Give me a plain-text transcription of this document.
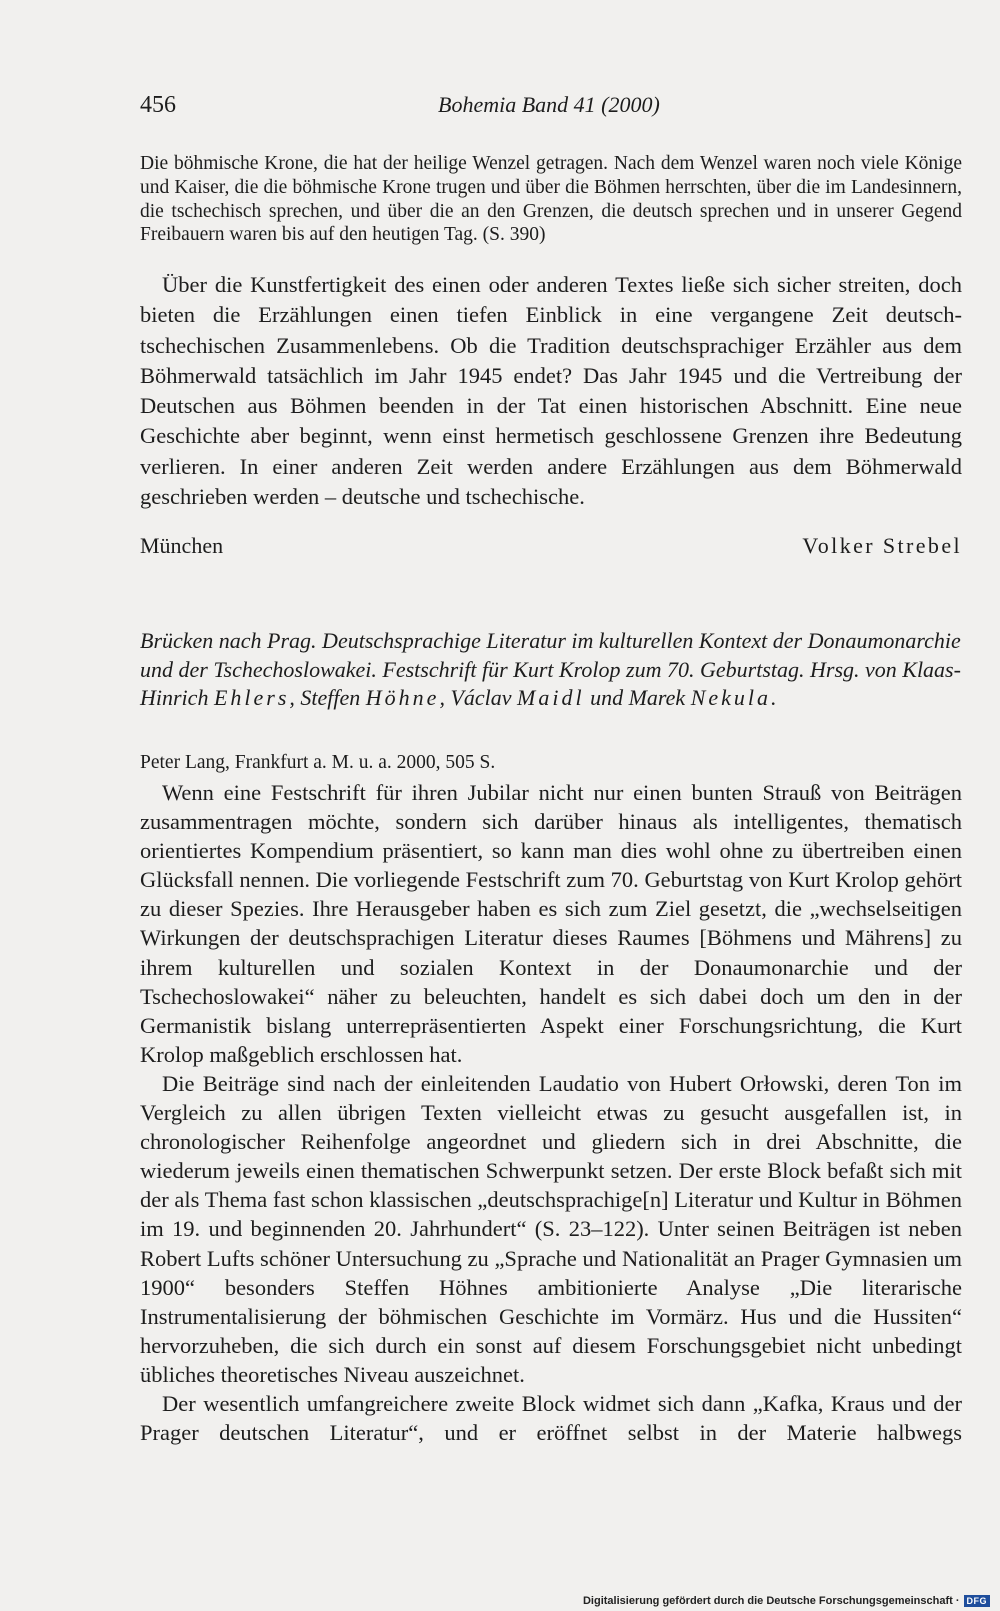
456	Bohemia Band 41 (2000)

Die böhmische Krone, die hat der heilige Wenzel getragen. Nach dem Wenzel waren noch viele Könige und Kaiser, die die böhmische Krone trugen und über die Böhmen herrschten, über die im Landesinnern, die tschechisch sprechen, und über die an den Grenzen, die deutsch sprechen und in unserer Gegend Freibauern waren bis auf den heutigen Tag. (S. 390)

Über die Kunstfertigkeit des einen oder anderen Textes ließe sich sicher streiten, doch bieten die Erzählungen einen tiefen Einblick in eine vergangene Zeit deutsch-tschechischen Zusammenlebens. Ob die Tradition deutschsprachiger Erzähler aus dem Böhmerwald tatsächlich im Jahr 1945 endet? Das Jahr 1945 und die Vertreibung der Deutschen aus Böhmen beenden in der Tat einen historischen Abschnitt. Eine neue Geschichte aber beginnt, wenn einst hermetisch geschlossene Grenzen ihre Bedeutung verlieren. In einer anderen Zeit werden andere Erzählungen aus dem Böhmerwald geschrieben werden – deutsche und tschechische.

München	Volker Strebel

Brücken nach Prag. Deutschsprachige Literatur im kulturellen Kontext der Donaumonarchie und der Tschechoslowakei. Festschrift für Kurt Krolop zum 70. Geburtstag. Hrsg. von Klaas-Hinrich Ehlers, Steffen Höhne, Václav Maidl und Marek Nekula.

Peter Lang, Frankfurt a. M. u. a. 2000, 505 S.

Wenn eine Festschrift für ihren Jubilar nicht nur einen bunten Strauß von Beiträgen zusammentragen möchte, sondern sich darüber hinaus als intelligentes, thematisch orientiertes Kompendium präsentiert, so kann man dies wohl ohne zu übertreiben einen Glücksfall nennen. Die vorliegende Festschrift zum 70. Geburtstag von Kurt Krolop gehört zu dieser Spezies. Ihre Herausgeber haben es sich zum Ziel gesetzt, die „wechselseitigen Wirkungen der deutschsprachigen Literatur dieses Raumes [Böhmens und Mährens] zu ihrem kulturellen und sozialen Kontext in der Donaumonarchie und der Tschechoslowakei“ näher zu beleuchten, handelt es sich dabei doch um den in der Germanistik bislang unterrepräsentierten Aspekt einer Forschungsrichtung, die Kurt Krolop maßgeblich erschlossen hat.

Die Beiträge sind nach der einleitenden Laudatio von Hubert Orłowski, deren Ton im Vergleich zu allen übrigen Texten vielleicht etwas zu gesucht ausgefallen ist, in chronologischer Reihenfolge angeordnet und gliedern sich in drei Abschnitte, die wiederum jeweils einen thematischen Schwerpunkt setzen. Der erste Block befaßt sich mit der als Thema fast schon klassischen „deutschsprachige[n] Literatur und Kultur in Böhmen im 19. und beginnenden 20. Jahrhundert“ (S. 23–122). Unter seinen Beiträgen ist neben Robert Lufts schöner Untersuchung zu „Sprache und Nationalität an Prager Gymnasien um 1900“ besonders Steffen Höhnes ambitionierte Analyse „Die literarische Instrumentalisierung der böhmischen Geschichte im Vormärz. Hus und die Hussiten“ hervorzuheben, die sich durch ein sonst auf diesem Forschungsgebiet nicht unbedingt übliches theoretisches Niveau auszeichnet.

Der wesentlich umfangreichere zweite Block widmet sich dann „Kafka, Kraus und der Prager deutschen Literatur“, und er eröffnet selbst in der Materie halbwegs

Digitalisierung gefördert durch die Deutsche Forschungsgemeinschaft · DFG
